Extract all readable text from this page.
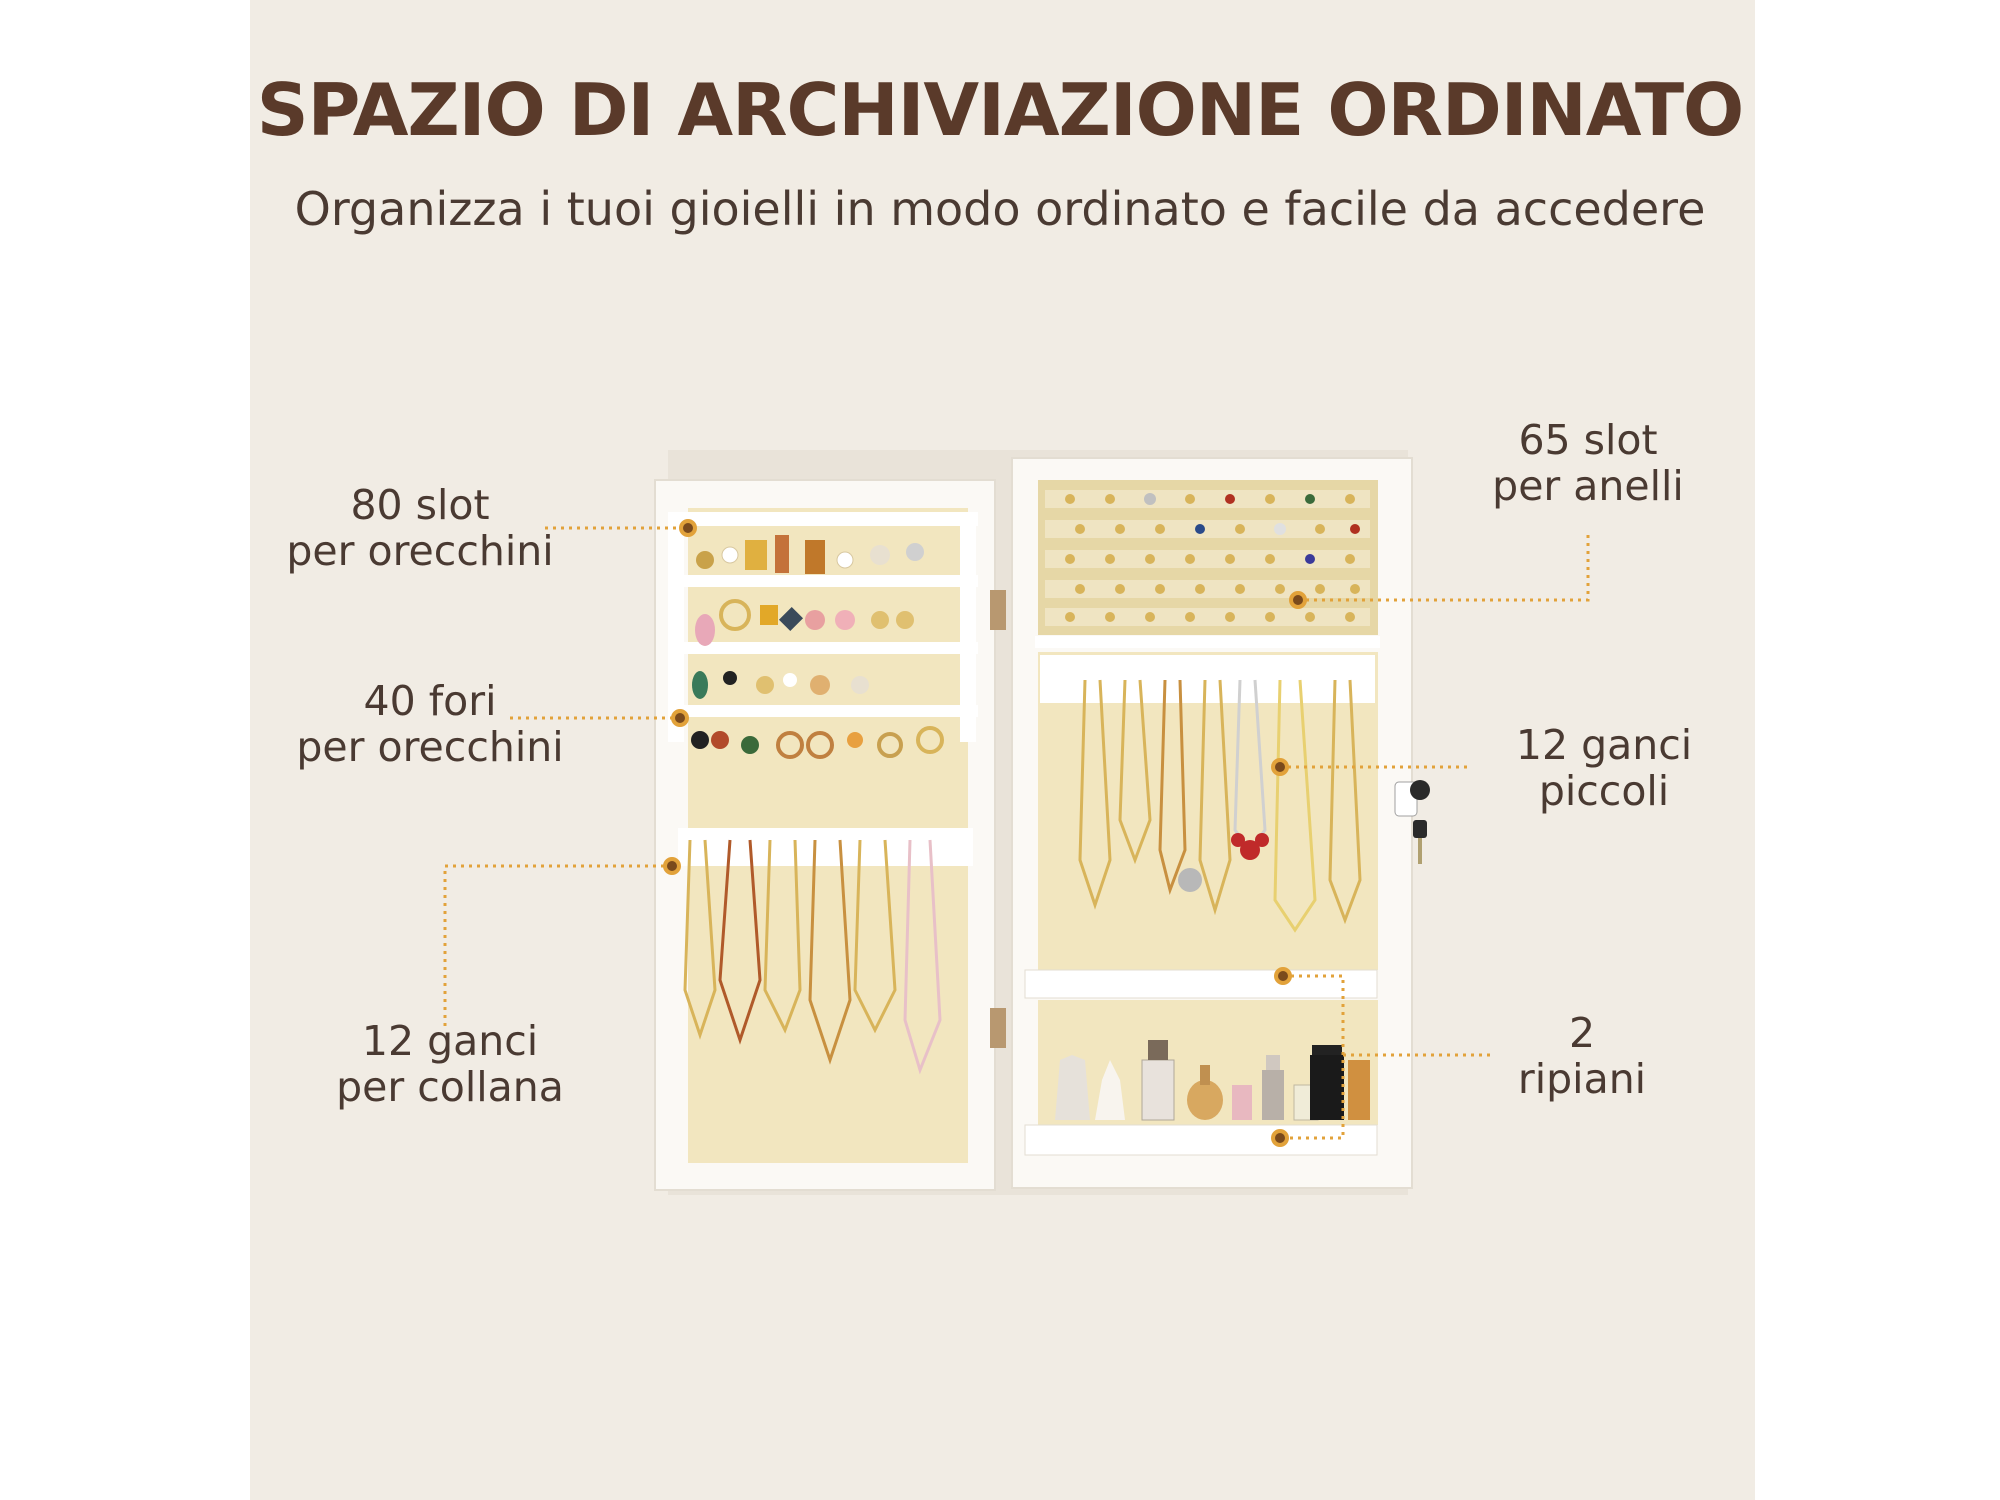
SPAZIO DI ARCHIVIAZIONE ORDINATO
Organizza i tuoi gioielli in modo ordinato e facile da accedere
80 slot
per orecchini
40 fori
per orecchini
12 ganci
per collana
65 slot
per anelli
12 ganci
piccoli
2
ripiani
